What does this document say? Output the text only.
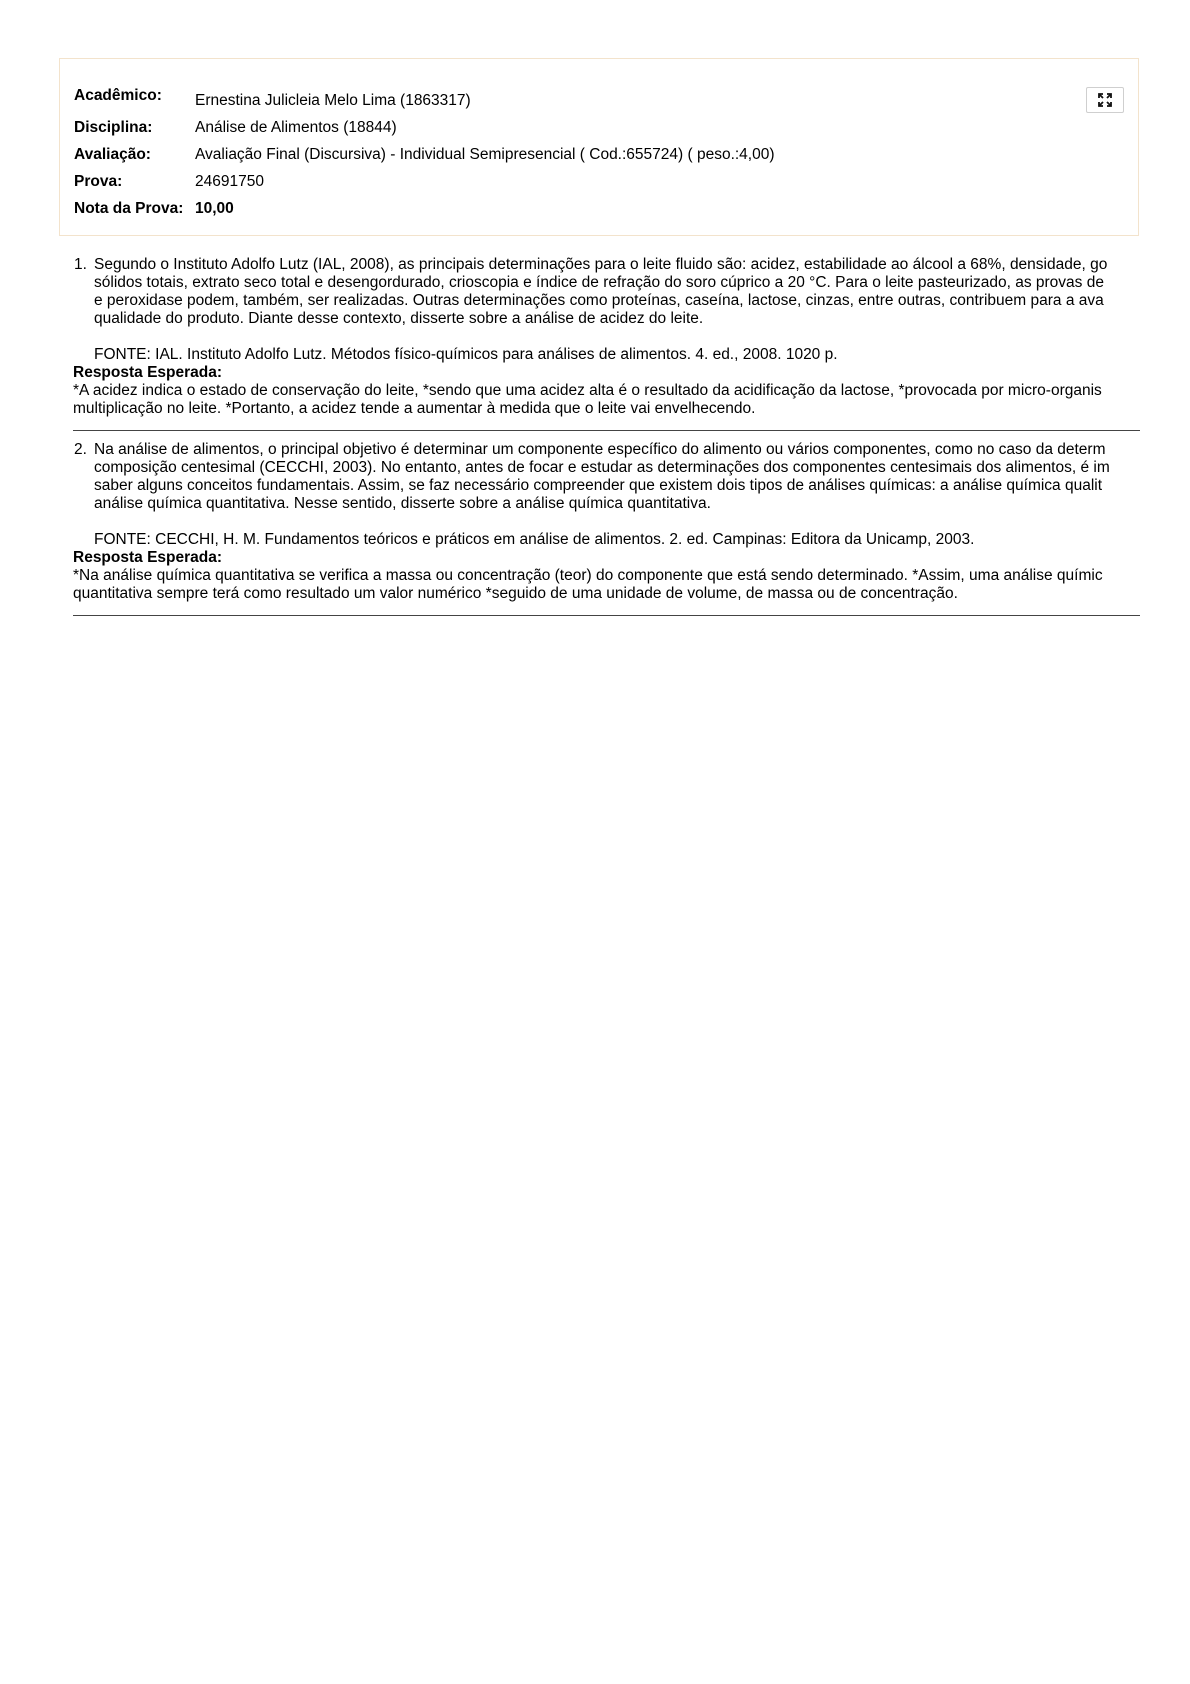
Acadêmico:	Ernestina Julicleia Melo Lima (1863317)
Disciplina:	Análise de Alimentos (18844)
Avaliação:	Avaliação Final (Discursiva) - Individual Semipresencial ( Cod.:655724) ( peso.:4,00)
Prova:	24691750
Nota da Prova:	10,00
1. Segundo o Instituto Adolfo Lutz (IAL, 2008), as principais determinações para o leite fluido são: acidez, estabilidade ao álcool a 68%, densidade, go
sólidos totais, extrato seco total e desengordurado, crioscopia e índice de refração do soro cúprico a 20 °C. Para o leite pasteurizado, as provas de
e peroxidase podem, também, ser realizadas. Outras determinações como proteínas, caseína, lactose, cinzas, entre outras, contribuem para a ava
qualidade do produto. Diante desse contexto, disserte sobre a análise de acidez do leite.
FONTE: IAL. Instituto Adolfo Lutz. Métodos físico-químicos para análises de alimentos. 4. ed., 2008. 1020 p.
Resposta Esperada:
*A acidez indica o estado de conservação do leite, *sendo que uma acidez alta é o resultado da acidificação da lactose, *provocada por micro-organis
multiplicação no leite. *Portanto, a acidez tende a aumentar à medida que o leite vai envelhecendo.
2. Na análise de alimentos, o principal objetivo é determinar um componente específico do alimento ou vários componentes, como no caso da determ
composição centesimal (CECCHI, 2003). No entanto, antes de focar e estudar as determinações dos componentes centesimais dos alimentos, é im
saber alguns conceitos fundamentais. Assim, se faz necessário compreender que existem dois tipos de análises químicas: a análise química qualit
análise química quantitativa. Nesse sentido, disserte sobre a análise química quantitativa.
FONTE: CECCHI, H. M. Fundamentos teóricos e práticos em análise de alimentos. 2. ed. Campinas: Editora da Unicamp, 2003.
Resposta Esperada:
*Na análise química quantitativa se verifica a massa ou concentração (teor) do componente que está sendo determinado. *Assim, uma análise químic
quantitativa sempre terá como resultado um valor numérico *seguido de uma unidade de volume, de massa ou de concentração.
